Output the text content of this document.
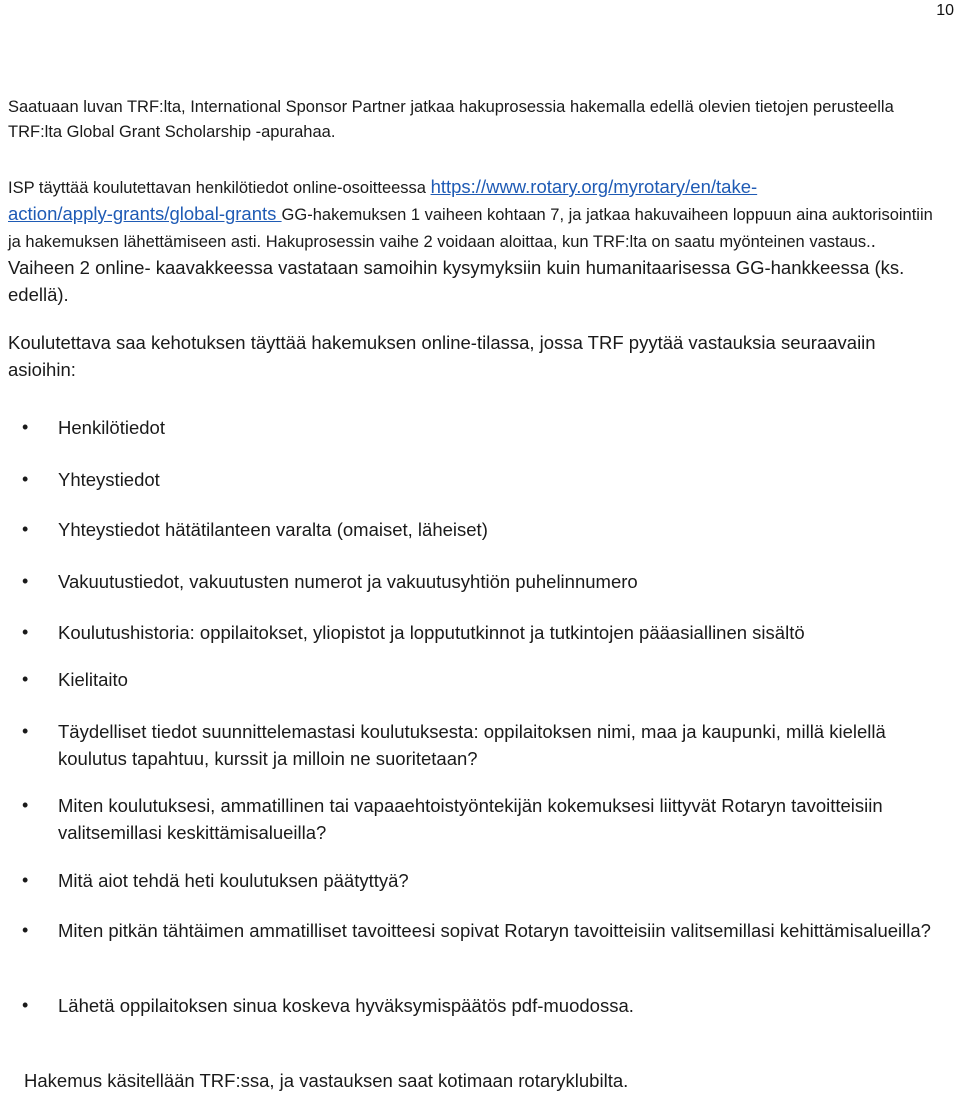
10

Saatuaan luvan TRF:lta, International Sponsor Partner jatkaa hakuprosessia hakemalla edellä olevien tietojen perusteella TRF:lta Global Grant Scholarship -apurahaa.

ISP täyttää koulutettavan henkilötiedot online-osoitteessa https://www.rotary.org/myrotary/en/take-
action/apply-grants/global-grants GG-hakemuksen 1 vaiheen kohtaan 7, ja jatkaa hakuvaiheen loppuun aina auktorisointiin ja hakemuksen lähettämiseen asti. Hakuprosessin vaihe 2 voidaan aloittaa, kun TRF:lta on saatu myönteinen vastaus.. Vaiheen 2 online- kaavakkeessa vastataan samoihin kysymyksiin kuin humanitaarisessa GG-hankkeessa (ks. edellä).

Koulutettava saa kehotuksen täyttää hakemuksen online-tilassa, jossa TRF pyytää vastauksia seuraavaiin asioihin:

• Henkilötiedot
• Yhteystiedot
• Yhteystiedot hätätilanteen varalta (omaiset, läheiset)
• Vakuutustiedot, vakuutusten numerot ja vakuutusyhtiön puhelinnumero
• Koulutushistoria: oppilaitokset, yliopistot ja loppututkinnot ja tutkintojen pääasiallinen sisältö
• Kielitaito
• Täydelliset tiedot suunnittelemastasi koulutuksesta: oppilaitoksen nimi, maa ja kaupunki, millä kielellä koulutus tapahtuu, kurssit ja milloin ne suoritetaan?
• Miten koulutuksesi, ammatillinen tai vapaaehtoistyöntekijän kokemuksesi liittyvät Rotaryn tavoitteisiin valitsemillasi keskittämisalueilla?
• Mitä aiot tehdä heti koulutuksen päätyttyä?
• Miten pitkän tähtäimen ammatilliset tavoitteesi sopivat Rotaryn tavoitteisiin valitsemillasi kehittämisalueilla?
• Lähetä oppilaitoksen sinua koskeva hyväksymispäätös pdf-muodossa.

Hakemus käsitellään TRF:ssa, ja vastauksen saat kotimaan rotaryklubilta.
